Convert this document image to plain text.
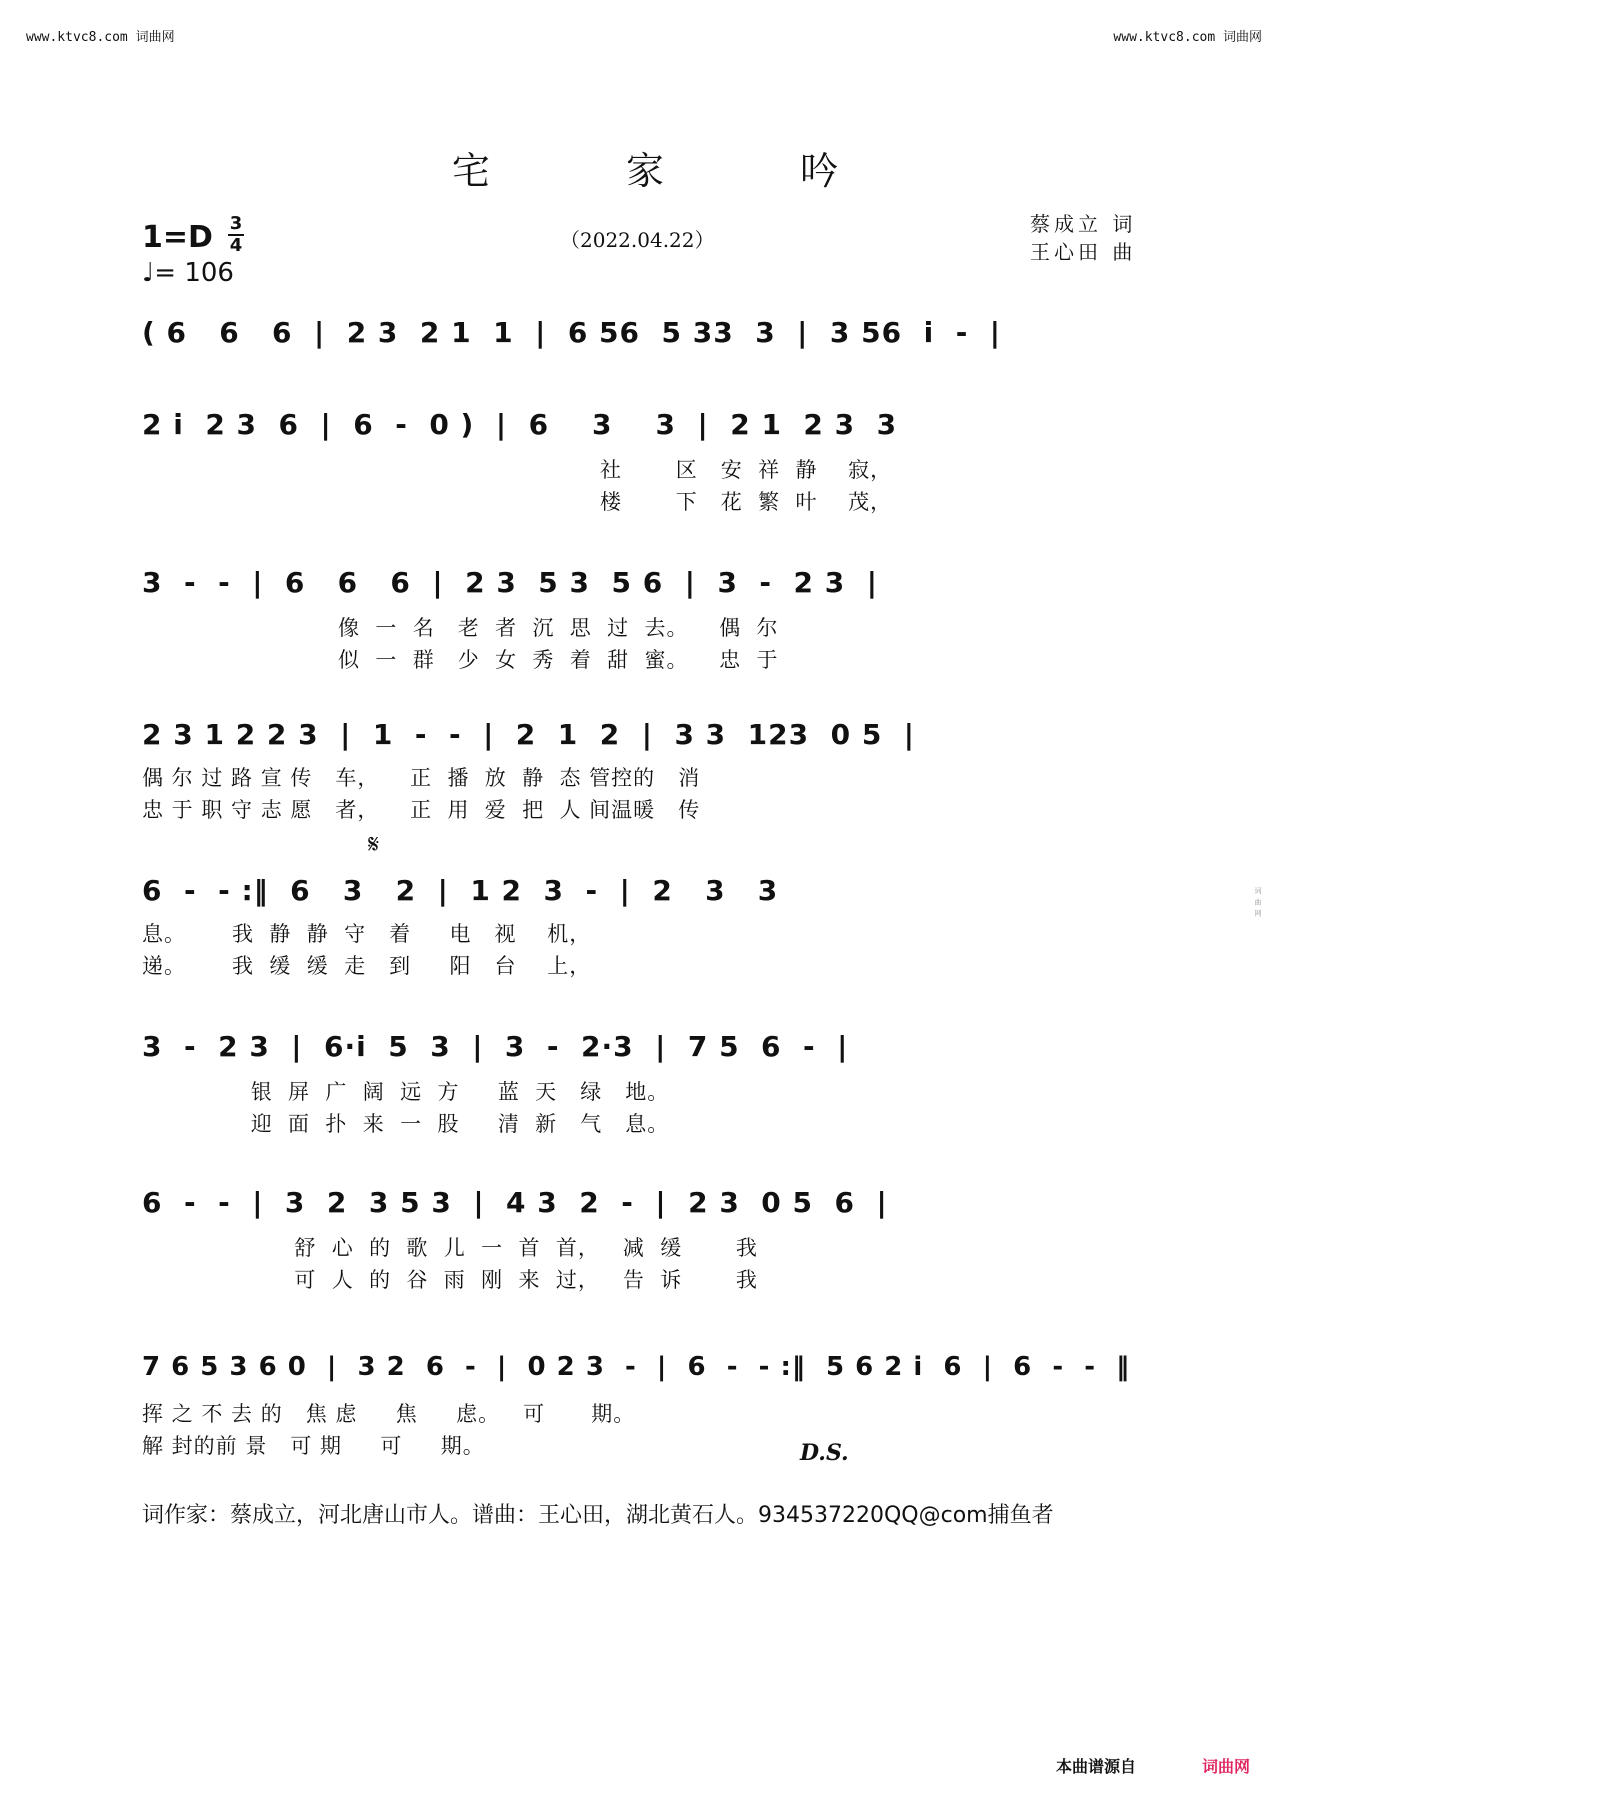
词 曲 网
www.ktvc8.com 词曲网	www.ktvc8.com 词曲网
宅 家 吟
1=D 3
4
♩= 106
（2022.04.22）
蔡成立 词
王心田 曲
( 6   6   6  |  2 3  2 1  1  |  6 56  5 33  3  |  3 56  i  -  |
2 i  2 3  6  |  6  -  0 )  |  6    3    3  |  2 1  2 3  3
社       区   安  祥  静    寂，
楼       下   花  繁  叶    茂，
3  -  -  |  6   6   6  |  2 3  5 3  5 6  |  3  -  2 3  |
像  一  名   老  者  沉  思  过  去。    偶  尔
似  一  群   少  女  秀  着  甜  蜜。    忠  于
2 3 1 2 2 3  |  1  -  -  |  2  1  2  |  3 3  123  0 5  |
偶 尔 过 路 宣 传   车，    正  播  放  静  态 管控的   消
忠 于 职 守 志 愿   者，    正  用  爱  把  人 间温暖   传
𝄋
6  -  - :‖  6   3   2  |  1 2  3  -  |  2   3   3
息。      我  静  静  守   着     电   视    机，
递。      我  缓  缓  走   到     阳   台    上，
3  -  2 3  |  6·i  5  3  |  3  -  2·3  |  7 5  6  -  |
银  屏  广  阔  远  方     蓝  天   绿   地。
迎  面  扑  来  一  股     清  新   气   息。
6  -  -  |  3  2  3 5 3  |  4 3  2  -  |  2 3  0 5  6  |
舒  心  的  歌  儿  一  首  首，   减  缓       我
可  人  的  谷  雨  刚  来  过，   告  诉       我
7 6 5 3 6 0  |  3 2  6  -  |  0 2 3  -  |  6  -  - :‖  5 6 2 i  6  |  6  -  -  ‖
挥 之 不 去 的   焦 虑     焦     虑。   可      期。
解 封的前 景   可 期     可     期。	D.S.
词作家：蔡成立，河北唐山市人。谱曲：王心田，湖北黄石人。934537220QQ@com捕鱼者
本曲谱源自	词曲网
